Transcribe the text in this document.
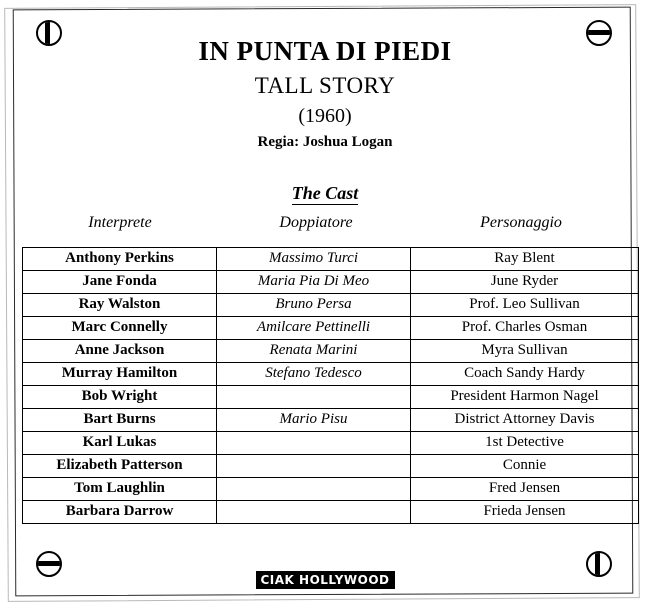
IN PUNTA DI PIEDI
TALL STORY
(1960)
Regia: Joshua Logan
The Cast
Interprete	Doppiatore	Personaggio
Anthony Perkins	Massimo Turci	Ray Blent
Jane Fonda	Maria Pia Di Meo	June Ryder
Ray Walston	Bruno Persa	Prof. Leo Sullivan
Marc Connelly	Amilcare Pettinelli	Prof. Charles Osman
Anne Jackson	Renata Marini	Myra Sullivan
Murray Hamilton	Stefano Tedesco	Coach Sandy Hardy
Bob Wright		President Harmon Nagel
Bart Burns	Mario Pisu	District Attorney Davis
Karl Lukas		1st Detective
Elizabeth Patterson		Connie
Tom Laughlin		Fred Jensen
Barbara Darrow		Frieda Jensen
CIAK HOLLYWOOD
